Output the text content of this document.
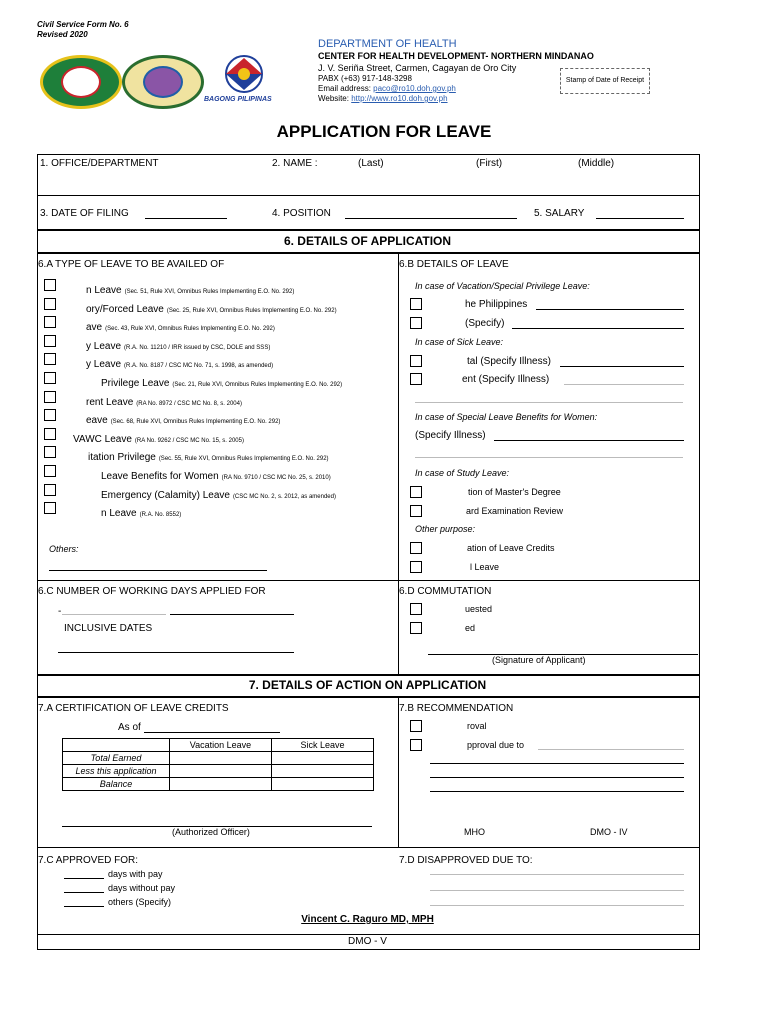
Civil Service Form No. 6
Revised 2020
BAGONG PILIPINAS
DEPARTMENT OF HEALTH
CENTER FOR HEALTH DEVELOPMENT- NORTHERN MINDANAO
J. V. Seriña Street, Carmen, Cagayan de Oro City
PABX (+63) 917-148-3298
Email address: paco@ro10.doh.gov.ph
Website: http://www.ro10.doh.gov.ph
Stamp of Date of Receipt
APPLICATION FOR LEAVE
1. OFFICE/DEPARTMENT	2. NAME :	(Last)	(First)	(Middle)
3. DATE OF FILING	4. POSITION	5. SALARY
6. DETAILS OF APPLICATION
6.A TYPE OF LEAVE TO BE AVAILED OF
n Leave (Sec. 51, Rule XVI, Omnibus Rules Implementing E.O. No. 292)
ory/Forced Leave (Sec. 25, Rule XVI, Omnibus Rules Implementing E.O. No. 292)
ave (Sec. 43, Rule XVI, Omnibus Rules Implementing E.O. No. 292)
y Leave (R.A. No. 11210 / IRR issued by CSC, DOLE and SSS)
y Leave (R.A. No. 8187 / CSC MC No. 71, s. 1998, as amended)
Privilege Leave (Sec. 21, Rule XVI, Omnibus Rules Implementing E.O. No. 292)
rent Leave (RA No. 8972 / CSC MC No. 8, s. 2004)
eave (Sec. 68, Rule XVI, Omnibus Rules Implementing E.O. No. 292)
VAWC Leave (RA No. 9262 / CSC MC No. 15, s. 2005)
itation Privilege (Sec. 55, Rule XVI, Omnibus Rules Implementing E.O. No. 292)
Leave Benefits for Women (RA No. 9710 / CSC MC No. 25, s. 2010)
Emergency (Calamity) Leave (CSC MC No. 2, s. 2012, as amended)
n Leave (R.A. No. 8552)
Others:
6.B DETAILS OF LEAVE
In case of Vacation/Special Privilege Leave:
he Philippines
(Specify)
In case of Sick Leave:
tal (Specify Illness)
ent (Specify Illness)
In case of Special Leave Benefits for Women:
(Specify Illness)
In case of Study Leave:
tion of Master's Degree
ard Examination Review
Other purpose:
ation of Leave Credits
l Leave
6.C NUMBER OF WORKING DAYS APPLIED FOR
-
INCLUSIVE DATES
6.D COMMUTATION
uested
ed
(Signature of Applicant)
7. DETAILS OF ACTION ON APPLICATION
7.A CERTIFICATION OF LEAVE CREDITS
As of
	Vacation Leave	Sick Leave
Total Earned		
Less this application		
Balance		
(Authorized Officer)
7.B RECOMMENDATION
roval
pproval due to
MHO	DMO - IV
7.C APPROVED FOR:
days with pay
days without pay
others (Specify)
7.D DISAPPROVED DUE TO:
Vincent C. Raguro MD, MPH
DMO - V
